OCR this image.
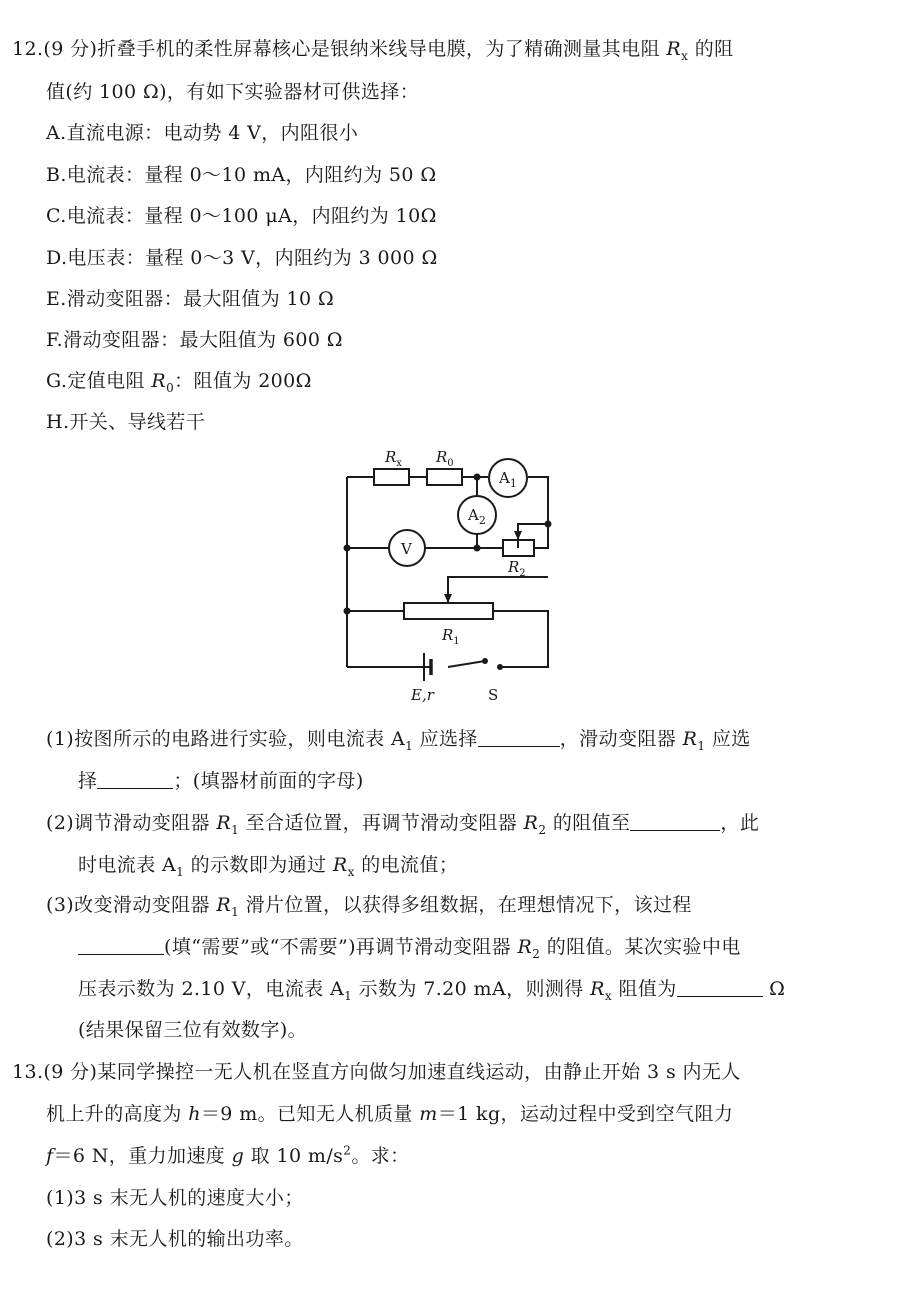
12.(9 分)折叠手机的柔性屏幕核心是银纳米线导电膜，为了精确测量其电阻 $R_x$ 的阻
值(约 100 Ω)，有如下实验器材可供选择：
A.直流电源：电动势 4 V，内阻很小
B.电流表：量程 0～10 mA，内阻约为 50 Ω
C.电流表：量程 0～100 μA，内阻约为 10Ω
D.电压表：量程 0～3 V，内阻约为 3 000 Ω
E.滑动变阻器：最大阻值为 10 Ω
F.滑动变阻器：最大阻值为 600 Ω
G.定值电阻 $R_0$：阻值为 200Ω
H.开关、导线若干
$R_x$ $R_0$
$A_1$
$A_2$
V
$R_2$
$R_1$
E,r	S
(1)按图所示的电路进行实验，则电流表 $A_1$ 应选择	，滑动变阻器 $R_1$ 应选
择	；(填器材前面的字母)
(2)调节滑动变阻器 $R_1$ 至合适位置，再调节滑动变阻器 $R_2$ 的阻值至	，此
时电流表 $A_1$ 的示数即为通过 $R_x$ 的电流值；
(3)改变滑动变阻器 $R_1$ 滑片位置，以获得多组数据，在理想情况下，该过程
(填“需要”或“不需要”)再调节滑动变阻器 $R_2$ 的阻值。某次实验中电
压表示数为 2.10 V，电流表 $A_1$ 示数为 7.20 mA，则测得 $R_x$ 阻值为	Ω
(结果保留三位有效数字)。
13.(9 分)某同学操控一无人机在竖直方向做匀加速直线运动，由静止开始 3 s 内无人
机上升的高度为 h＝9 m。已知无人机质量 m＝1 kg，运动过程中受到空气阻力
f＝6 N，重力加速度 g 取 10 $m/s^2$。求：
(1)3 s 末无人机的速度大小；
(2)3 s 末无人机的输出功率。
